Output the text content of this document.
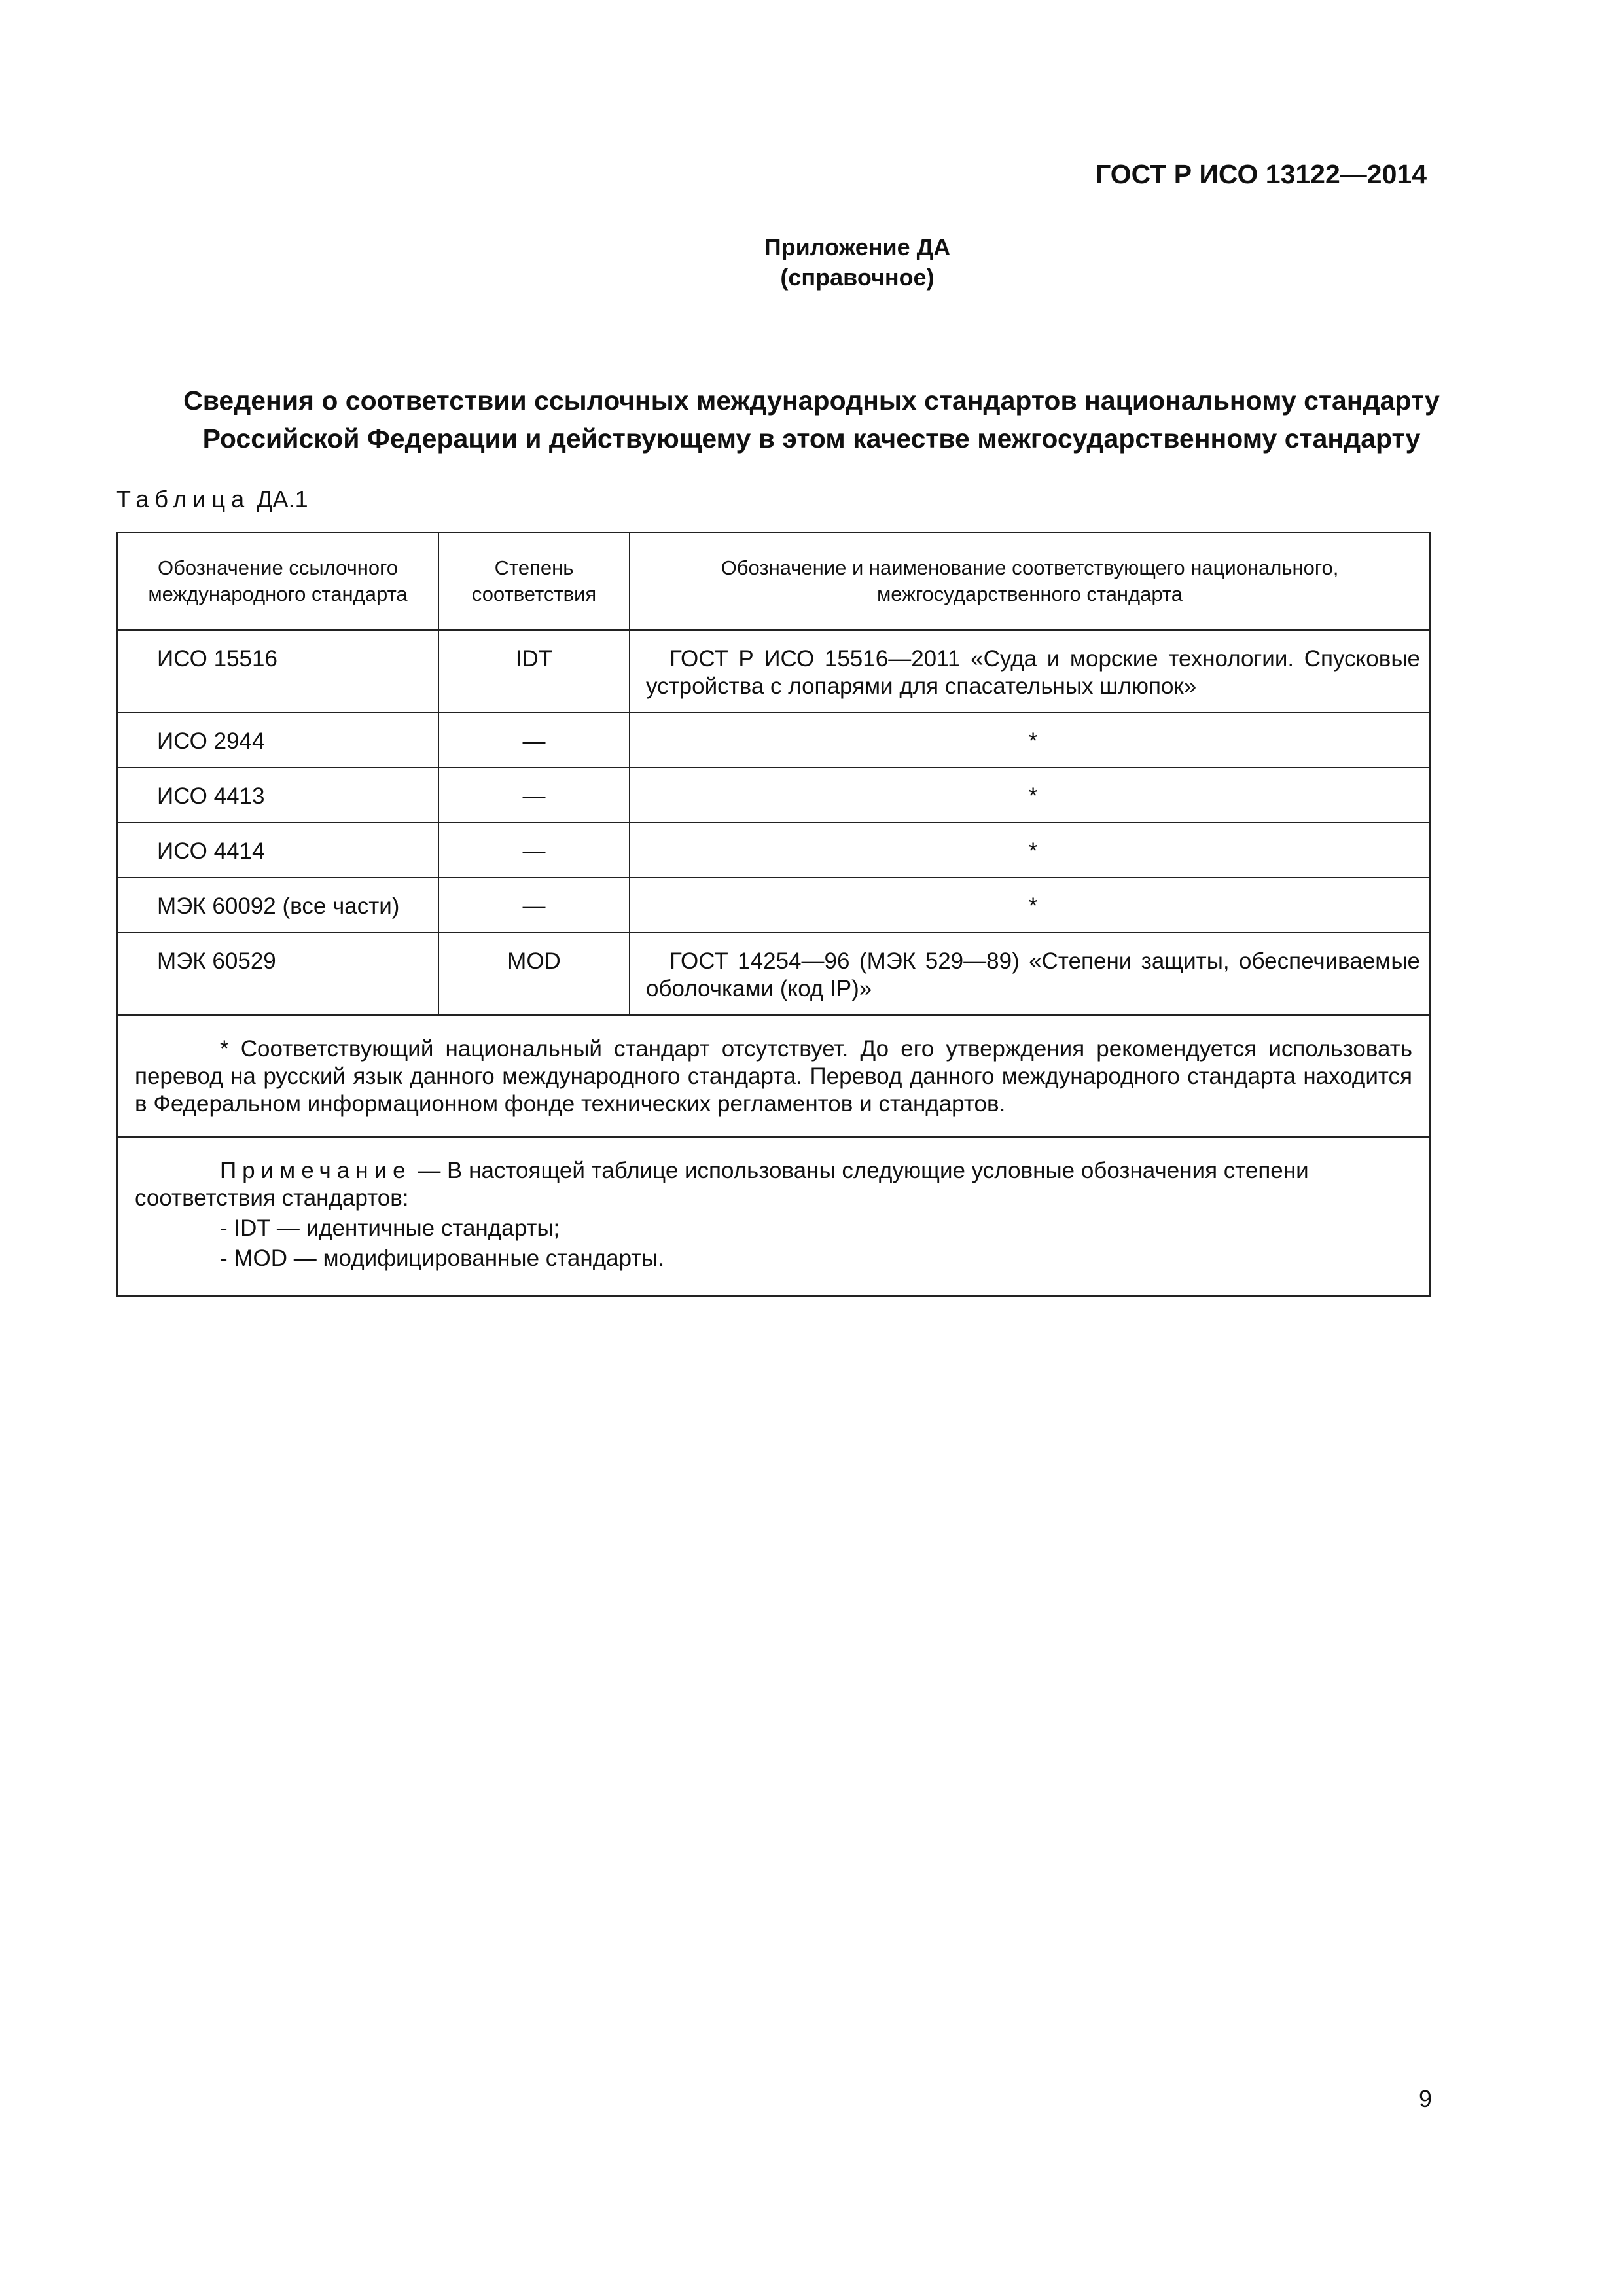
ГОСТ Р ИСО 13122—2014
Приложение ДА
(справочное)
Сведения о соответствии ссылочных международных стандартов национальному стандарту
Российской Федерации и действующему в этом качестве межгосударственному стандарту
Таблица ДА.1
Обозначение ссылочного международного стандарта	Степень соответствия	Обозначение и наименование соответствующего национального, межгосударственного стандарта
ИСО 15516	IDT	ГОСТ Р ИСО 15516—2011 «Суда и морские технологии. Спусковые устройства с лопарями для спасательных шлюпок»

ИСО 2944	—	*
ИСО 4413	—	*
ИСО 4414	—	*
МЭК 60092 (все части)	—	*
МЭК 60529	MOD	ГОСТ 14254—96 (МЭК 529—89) «Степени защиты, обеспечиваемые оболочками (код IP)»

* Соответствующий национальный стандарт отсутствует. До его утверждения рекомендуется использовать перевод на русский язык данного международного стандарта. Перевод данного международного стандарта находится в Федеральном информационном фонде технических регламентов и стандартов.		

Примечание — В настоящей таблице использованы следующие условные обозначения степени соответствия стандартов:

- IDT — идентичные стандарты;

- MOD — модифицированные стандарты.		

9
